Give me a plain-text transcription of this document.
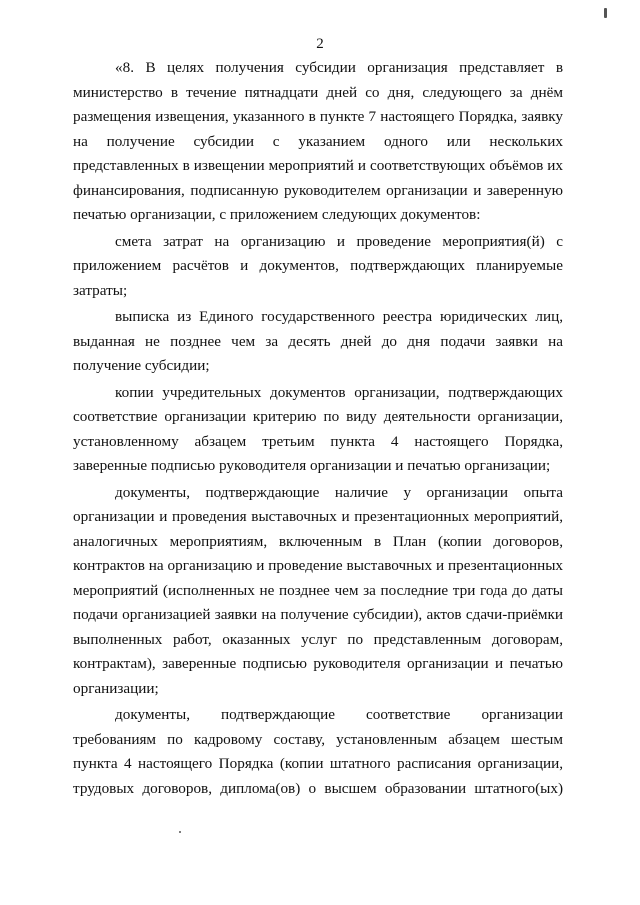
2
«8. В целях получения субсидии организация представляет в
министерство в течение пятнадцати дней со дня, следующего за днём
размещения извещения, указанного в пункте 7 настоящего Порядка, заявку
на получение субсидии с указанием одного или нескольких
представленных в извещении мероприятий и соответствующих объёмов их
финансирования, подписанную руководителем организации и заверенную
печатью организации, с приложением следующих документов:
смета затрат на организацию и проведение мероприятия(й) с
приложением расчётов и документов, подтверждающих планируемые
затраты;
выписка из Единого государственного реестра юридических лиц,
выданная не позднее чем за десять дней до дня подачи заявки на
получение субсидии;
копии учредительных документов организации, подтверждающих
соответствие организации критерию по виду деятельности организации,
установленному абзацем третьим пункта 4 настоящего Порядка,
заверенные подписью руководителя организации и печатью организации;
документы, подтверждающие наличие у организации опыта
организации и проведения выставочных и презентационных мероприятий,
аналогичных мероприятиям, включенным в План (копии договоров,
контрактов на организацию и проведение выставочных и презентационных
мероприятий (исполненных не позднее чем за последние три года до даты
подачи организацией заявки на получение субсидии), актов сдачи-приёмки
выполненных работ, оказанных услуг по представленным договорам,
контрактам), заверенные подписью руководителя организации и печатью
организации;
документы, подтверждающие соответствие организации
требованиям по кадровому составу, установленным абзацем шестым
пункта 4 настоящего Порядка (копии штатного расписания организации,
трудовых договоров, диплома(ов) о высшем образовании штатного(ых)
